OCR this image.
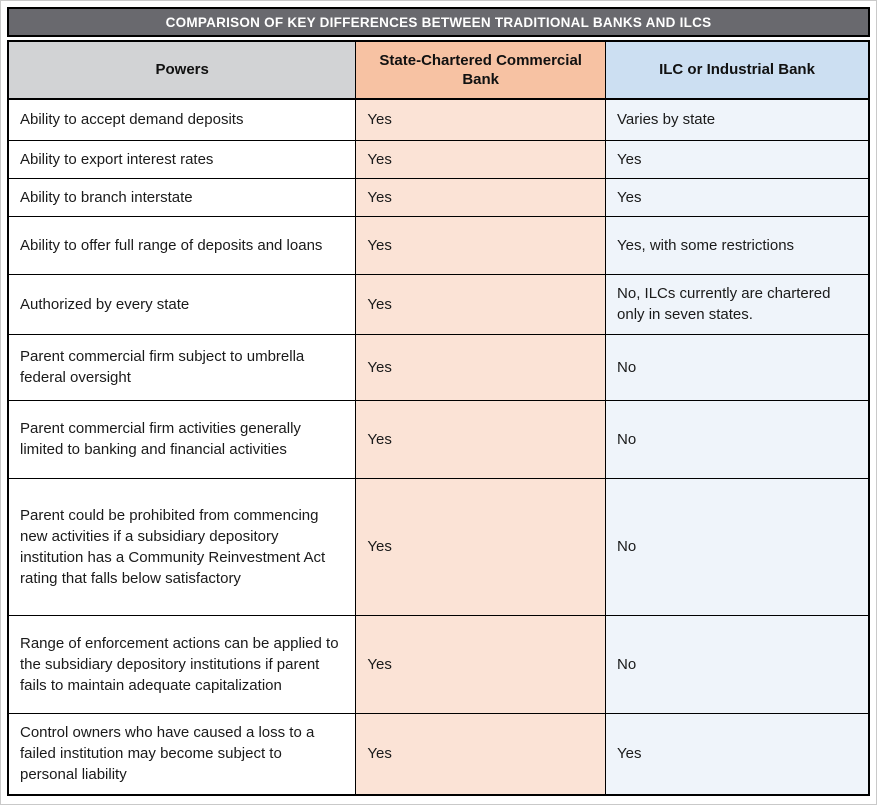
COMPARISON OF KEY DIFFERENCES BETWEEN TRADITIONAL BANKS AND ILCS
Powers	State-Chartered Commercial Bank	ILC or Industrial Bank
Ability to accept demand deposits	Yes	Varies by state
Ability to export interest rates	Yes	Yes
Ability to branch interstate	Yes	Yes
Ability to offer full range of deposits and loans	Yes	Yes, with some restrictions
Authorized by every state	Yes	No, ILCs currently are chartered only in seven states.
Parent commercial firm subject to umbrella federal oversight	Yes	No
Parent commercial firm activities generally limited to banking and financial activities	Yes	No
Parent could be prohibited from commencing new activities if a subsidiary depository institution has a Community Reinvestment Act rating that falls below satisfactory	Yes	No
Range of enforcement actions can be applied to the subsidiary depository institutions if parent fails to maintain adequate capitalization	Yes	No
Control owners who have caused a loss to a failed institution may become subject to personal liability	Yes	Yes
